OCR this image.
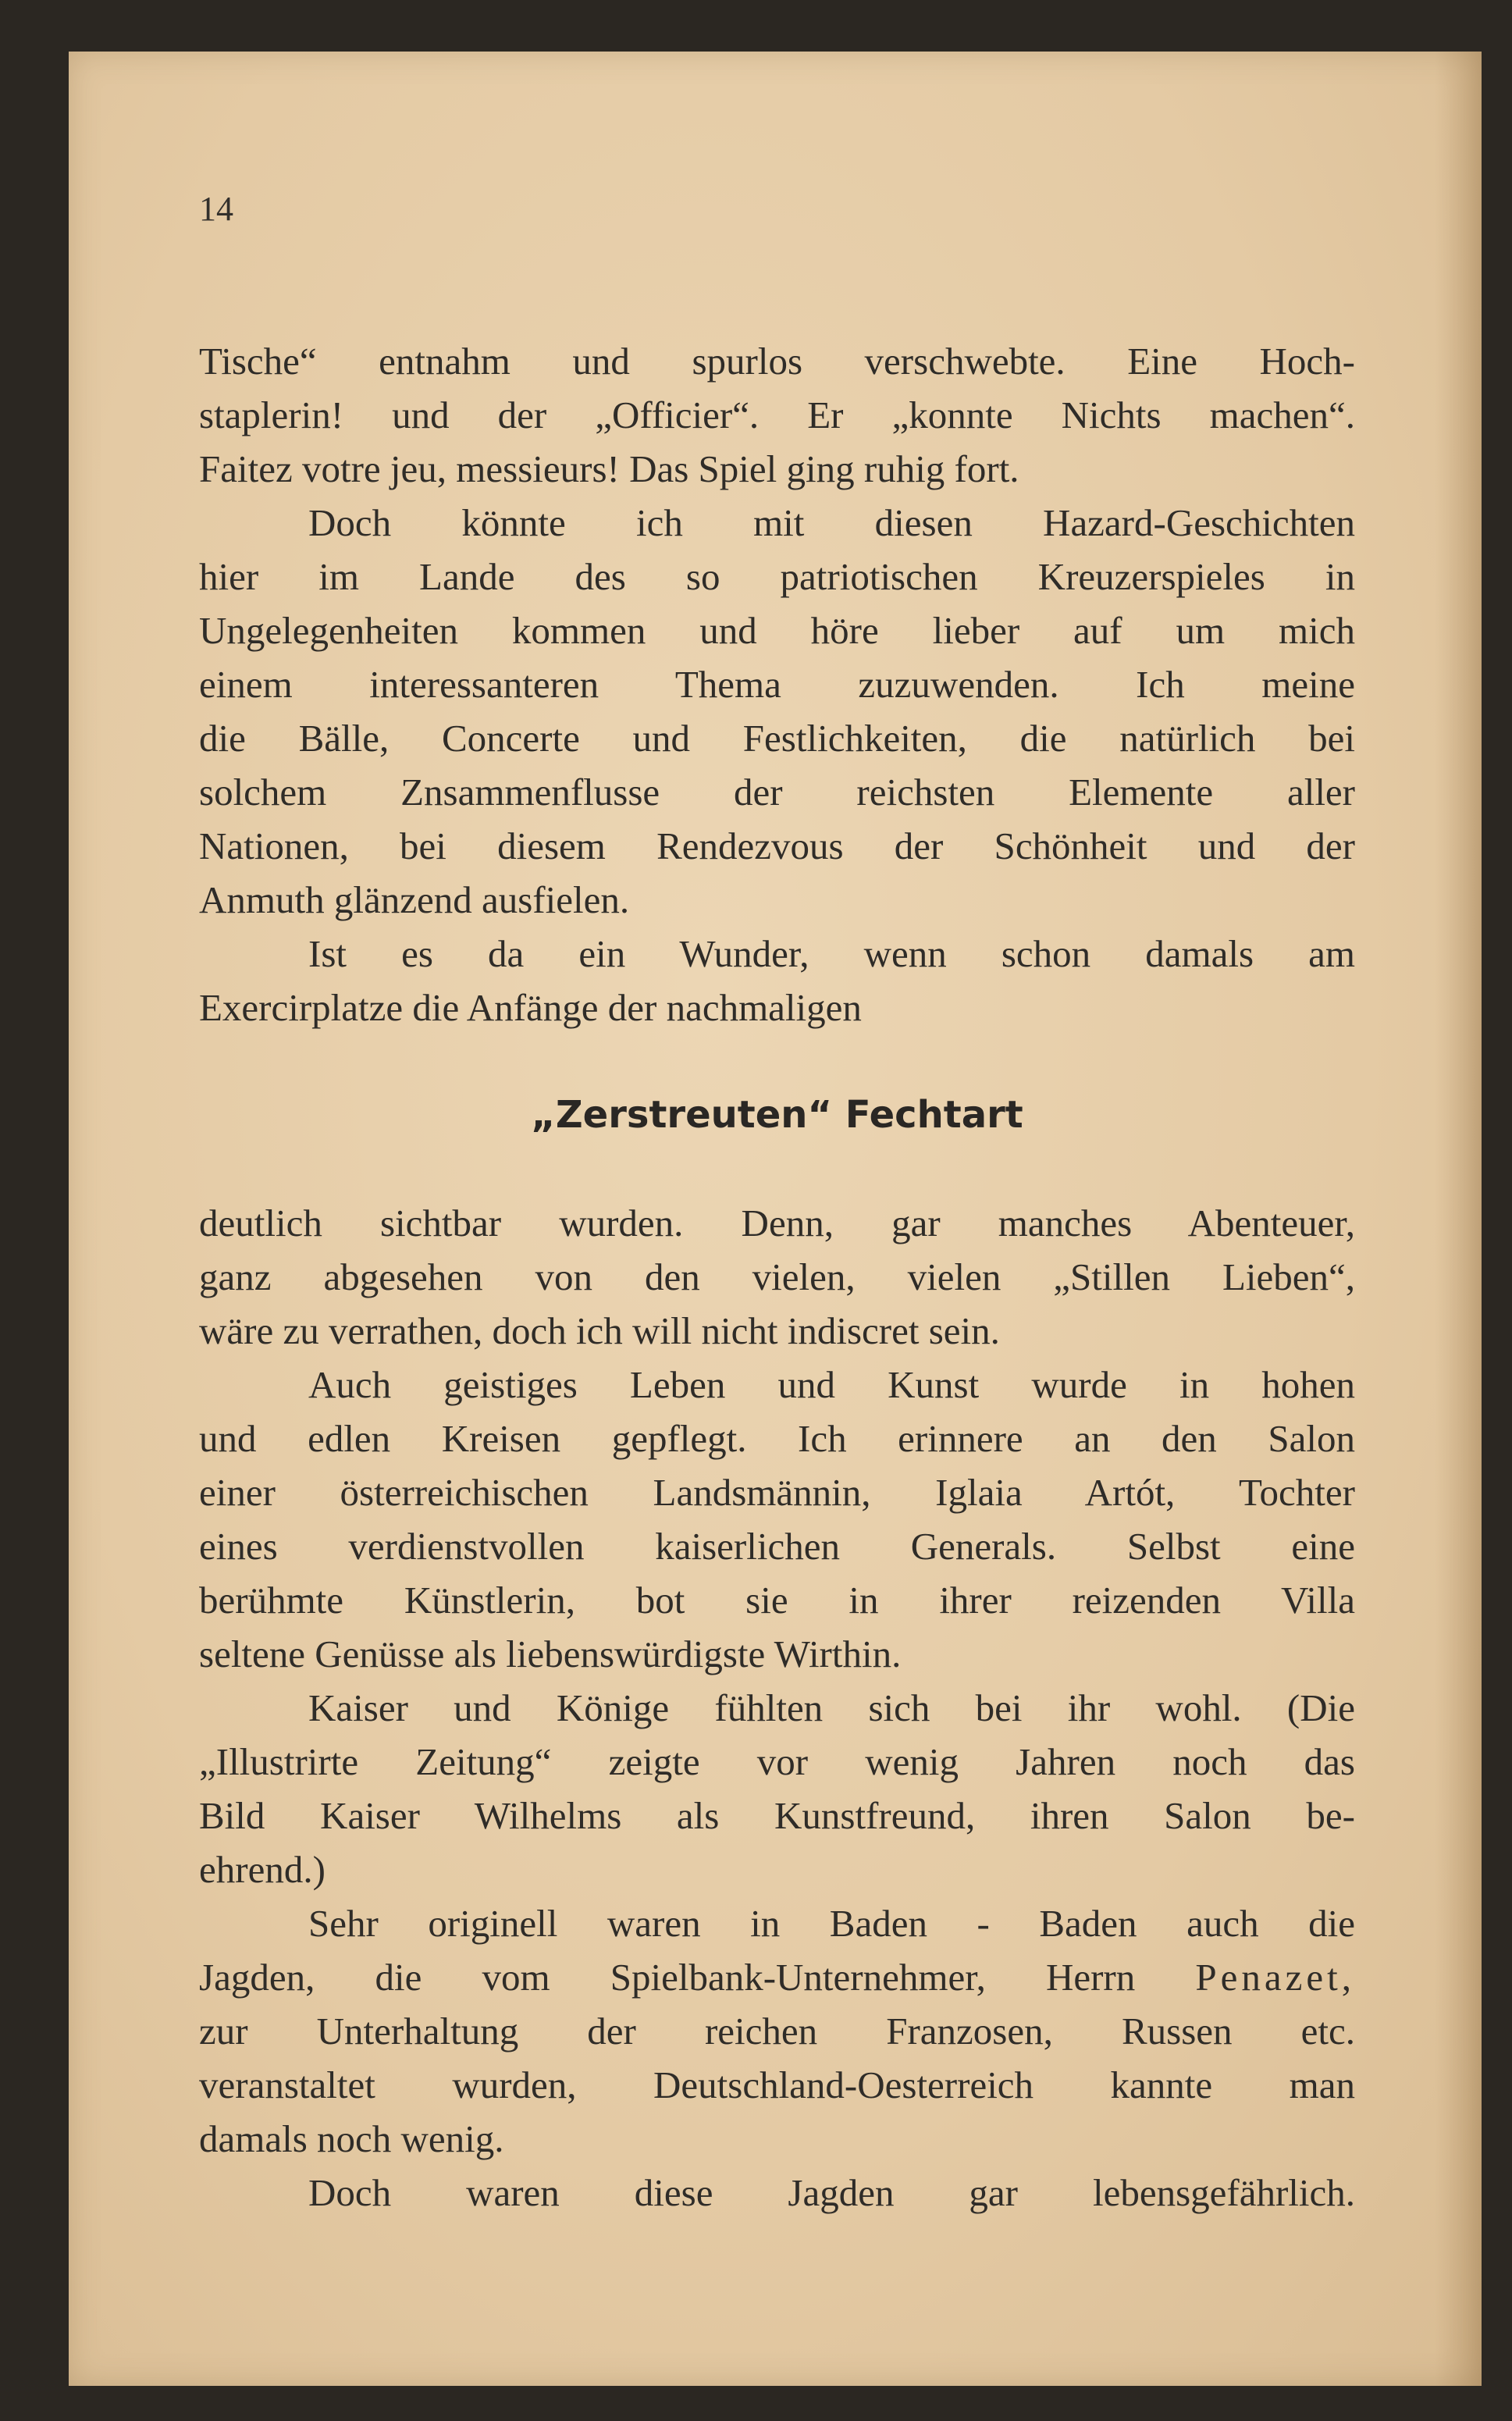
14
Tische“ entnahm und spurlos verschwebte. Eine Hoch-
staplerin! und der „Officier“. Er „konnte Nichts machen“.
Faitez votre jeu, messieurs! Das Spiel ging ruhig fort.
Doch könnte ich mit diesen Hazard-Geschichten
hier im Lande des so patriotischen Kreuzerspieles in
Ungelegenheiten kommen und höre lieber auf um mich
einem interessanteren Thema zuzuwenden. Ich meine
die Bälle, Concerte und Festlichkeiten, die natürlich bei
solchem Znsammenflusse der reichsten Elemente aller
Nationen, bei diesem Rendezvous der Schönheit und der
Anmuth glänzend ausfielen.
Ist es da ein Wunder, wenn schon damals am
Exercirplatze die Anfänge der nachmaligen
„Zerstreuten“ Fechtart
deutlich sichtbar wurden. Denn, gar manches Abenteuer,
ganz abgesehen von den vielen, vielen „Stillen Lieben“,
wäre zu verrathen, doch ich will nicht indiscret sein.
Auch geistiges Leben und Kunst wurde in hohen
und edlen Kreisen gepflegt. Ich erinnere an den Salon
einer österreichischen Landsmännin, Iglaia Artót, Tochter
eines verdienstvollen kaiserlichen Generals. Selbst eine
berühmte Künstlerin, bot sie in ihrer reizenden Villa
seltene Genüsse als liebenswürdigste Wirthin.
Kaiser und Könige fühlten sich bei ihr wohl. (Die
„Illustrirte Zeitung“ zeigte vor wenig Jahren noch das
Bild Kaiser Wilhelms als Kunstfreund, ihren Salon be-
ehrend.)
Sehr originell waren in Baden - Baden auch die
Jagden, die vom Spielbank-Unternehmer, Herrn Penazet,
zur Unterhaltung der reichen Franzosen, Russen etc.
veranstaltet wurden, Deutschland-Oesterreich kannte man
damals noch wenig.
Doch waren diese Jagden gar lebensgefährlich.
